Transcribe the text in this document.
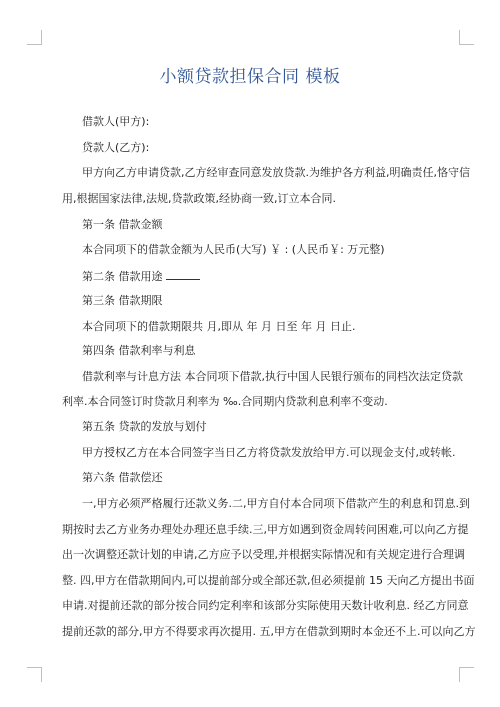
小额贷款担保合同 模板
借款人(甲方):
贷款人(乙方):
甲方向乙方申请贷款,乙方经审查同意发放贷款.为维护各方利益,明确责任,恪守信
用,根据国家法律,法规,贷款政策,经协商一致,订立本合同.
第一条 借款金额
本合同项下的借款金额为人民币(大写) ￥ : (人民币￥: 万元整)
第二条 借款用途
第三条 借款期限
本合同项下的借款期限共 月,即从 年 月 日至 年 月 日止.
第四条 借款利率与利息
借款利率与计息方法 本合同项下借款,执行中国人民银行颁布的同档次法定贷款
利率.本合同签订时贷款月利率为 ‰.合同期内贷款利息利率不变动.
第五条 贷款的发放与划付
甲方授权乙方在本合同签字当日乙方将贷款发放给甲方.可以现金支付,或转帐.
第六条 借款偿还
一,甲方必须严格履行还款义务.二,甲方自付本合同项下借款产生的利息和罚息.到
期按时去乙方业务办理处办理还息手续.三,甲方如遇到资金周转问困难,可以向乙方提
出一次调整还款计划的申请,乙方应予以受理,并根据实际情况和有关规定进行合理调
整. 四,甲方在借款期间内,可以提前部分或全部还款,但必须提前 15 天向乙方提出书面
申请.对提前还款的部分按合同约定利率和该部分实际使用天数计收利息. 经乙方同意
提前还款的部分,甲方不得要求再次提用. 五,甲方在借款到期时本金还不上.可以向乙方
